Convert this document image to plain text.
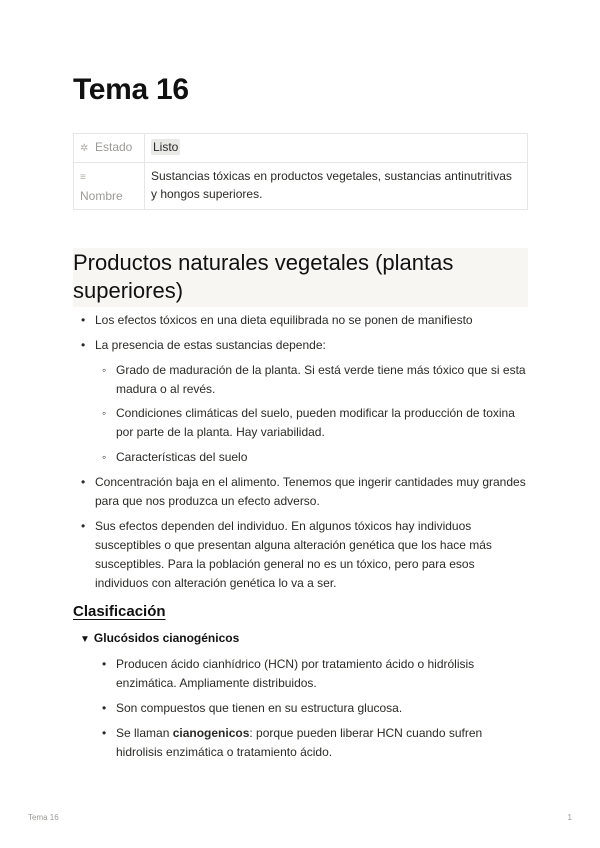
Tema 16
✲ Estado	Listo
≡
Nombre	Sustancias tóxicas en productos vegetales, sustancias antinutritivas y hongos superiores.
Productos naturales vegetales (plantas superiores)
• Los efectos tóxicos en una dieta equilibrada no se ponen de manifiesto
• La presencia de estas sustancias depende:
◦ Grado de maduración de la planta. Si está verde tiene más tóxico que si esta madura o al revés.
◦ Condiciones climáticas del suelo, pueden modificar la producción de toxina por parte de la planta. Hay variabilidad.
◦ Características del suelo
• Concentración baja en el alimento. Tenemos que ingerir cantidades muy grandes para que nos produzca un efecto adverso.
• Sus efectos dependen del individuo. En algunos tóxicos hay individuos susceptibles o que presentan alguna alteración genética que los hace más susceptibles. Para la población general no es un tóxico, pero para esos individuos con alteración genética lo va a ser.
Clasificación
▼ Glucósidos cianogénicos
• Producen ácido cianhídrico (HCN) por tratamiento ácido o hidrólisis enzimática. Ampliamente distribuidos.
• Son compuestos que tienen en su estructura glucosa.
• Se llaman cianogenicos: porque pueden liberar HCN cuando sufren hidrolisis enzimática o tratamiento ácido.
Tema 16	1
